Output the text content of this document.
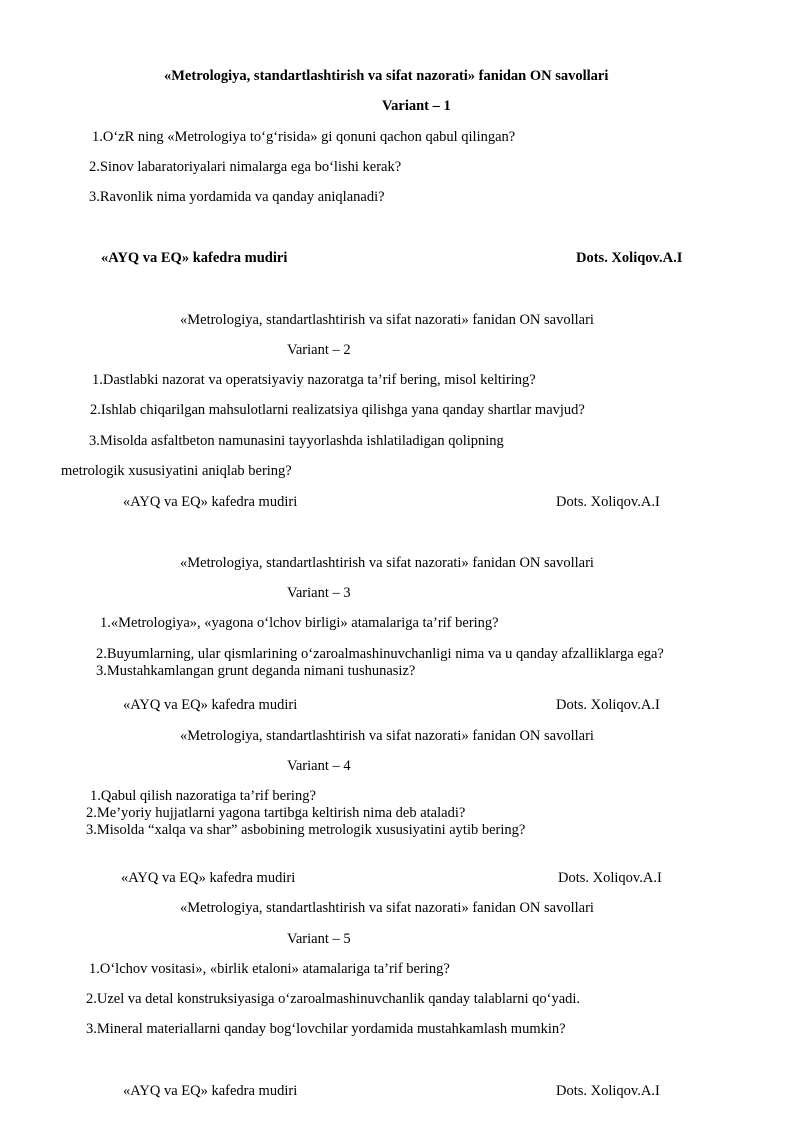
«Metrologiya, standartlashtirish va sifat nazorati» fanidan ON savollari
Variant – 1
1.O‘zR ning «Metrologiya to‘g‘risida» gi qonuni qachon qabul qilingan?
2.Sinov labaratoriyalari nimalarga ega bo‘lishi kerak?
3.Ravonlik nima yordamida va qanday aniqlanadi?
«AYQ va EQ» kafedra mudiri	Dots. Xoliqov.A.I
«Metrologiya, standartlashtirish va sifat nazorati» fanidan ON savollari
Variant – 2
1.Dastlabki nazorat va operatsiyaviy nazoratga ta’rif bering, misol keltiring?
2.Ishlab chiqarilgan mahsulotlarni realizatsiya qilishga yana qanday shartlar mavjud?
3.Misolda asfaltbeton namunasini tayyorlashda ishlatiladigan qolipning
metrologik xususiyatini aniqlab bering?
«AYQ va EQ» kafedra mudiri	Dots. Xoliqov.A.I
«Metrologiya, standartlashtirish va sifat nazorati» fanidan ON savollari
Variant – 3
1.«Metrologiya», «yagona o‘lchov birligi» atamalariga ta’rif bering?
2.Buyumlarning, ular qismlarining o‘zaroalmashinuvchanligi nima va u qanday afzalliklarga ega?
3.Mustahkamlangan grunt deganda nimani tushunasiz?
«AYQ va EQ» kafedra mudiri	Dots. Xoliqov.A.I
«Metrologiya, standartlashtirish va sifat nazorati» fanidan ON savollari
Variant – 4
1.Qabul qilish nazoratiga ta’rif bering?
2.Me’yoriy hujjatlarni yagona tartibga keltirish nima deb ataladi?
3.Misolda “xalqa va shar” asbobining metrologik xususiyatini aytib bering?
«AYQ va EQ» kafedra mudiri	Dots. Xoliqov.A.I
«Metrologiya, standartlashtirish va sifat nazorati» fanidan ON savollari
Variant – 5
1.O‘lchov vositasi», «birlik etaloni» atamalariga ta’rif bering?
2.Uzel va detal konstruksiyasiga o‘zaroalmashinuvchanlik qanday talablarni qo‘yadi.
3.Mineral materiallarni qanday bog‘lovchilar yordamida mustahkamlash mumkin?
«AYQ va EQ» kafedra mudiri	Dots. Xoliqov.A.I
